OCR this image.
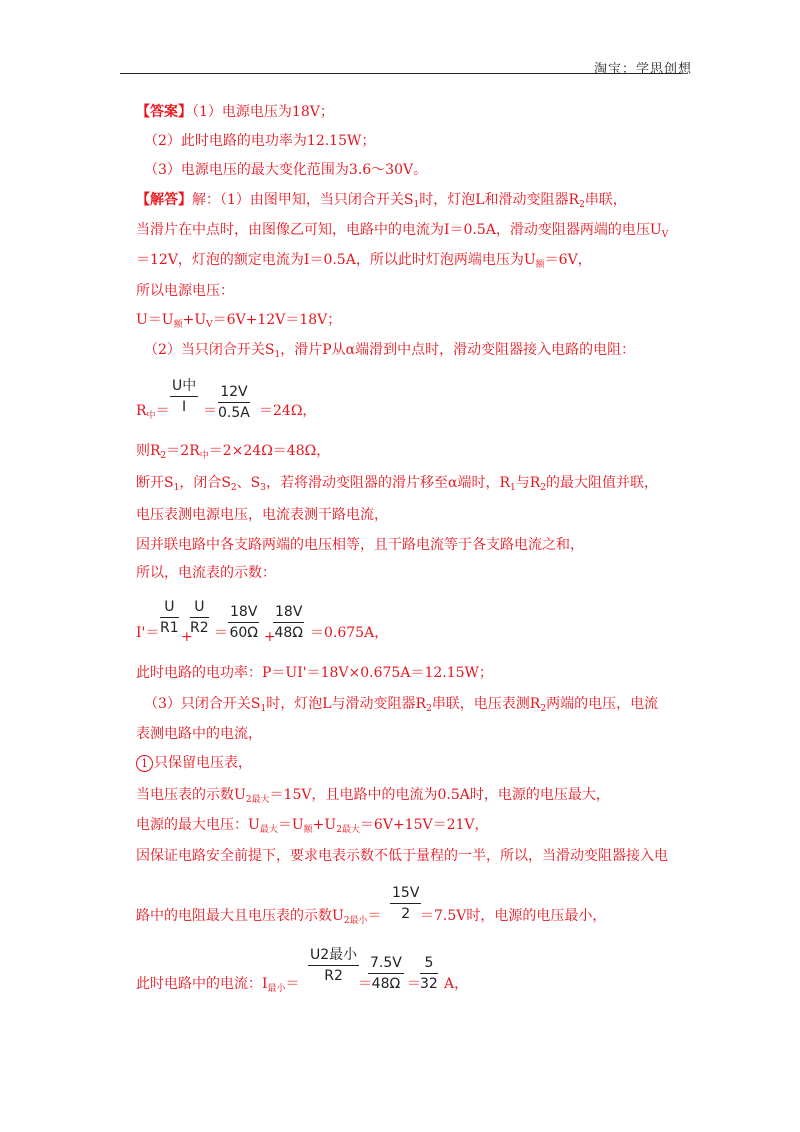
淘宝：学思创想
【答案】（1）电源电压为18V；
（2）此时电路的电功率为12.15W；
（3）电源电压的最大变化范围为3.6～30V。
【解答】解：（1）由图甲知，当只闭合开关$S_1$时，灯泡L和滑动变阻器$R_2$串联，
当滑片在中点时，由图像乙可知，电路中的电流为I＝0.5A，滑动变阻器两端的电压$U_V$
＝12V，灯泡的额定电流为I＝0.5A，所以此时灯泡两端电压为$U_额=6V$，
所以电源电压：
$U=U_额+U_V=6V+12V=18V$；
（2）当只闭合开关$S_1$，滑片P从α端滑到中点时，滑动变阻器接入电路的电阻：
$R_中=$
U中
I	＝ $\frac{12V}{0.5A} =24\Omega$，
则$R_2=2R_中=2\times 24\Omega=48\Omega$，
断开$S_1$，闭合$S_2$、$S_3$，若将滑动变阻器的滑片移至α端时，$R_1$与$R_2$的最大阻值并联，
电压表测电源电压，电流表测干路电流，
因并联电路中各支路两端的电压相等，且干路电流等于各支路电流之和，
所以，电流表的示数：
$I'= \frac{U}{R1}$
+
$\frac{U}{R2} = \frac{18V}{60\Omega}$ +
$\frac{18V}{48\Omega} =0.675A$，
此时电路的电功率：P＝UI'＝18V×0.675A＝12.15W；
（3）只闭合开关$S_1$时，灯泡L与滑动变阻器$R_2$串联，电压表测$R_2$两端的电压，电流
表测电路中的电流，
1 只保留电压表，
当电压表的示数$U_{2最大}=15V$，且电路中的电流为0.5A时，电源的电压最大，
电源的最大电压：$U_{最大}=U_额+U_{2最大}=6V+15V=21V$，
因保证电路安全前提下，要求电表示数不低于量程的一半，所以，当滑动变阻器接入电
路中的电阻最大且电压表的示数$U_{2最小}= \frac{15V}{2}$
＝7.5V时，电源的电压最小，
此时电路中的电流：$I_{最小}=$
U2最小
R2	＝
$\frac{7.5V}{48\Omega} = \frac{5}{32}$ A，
